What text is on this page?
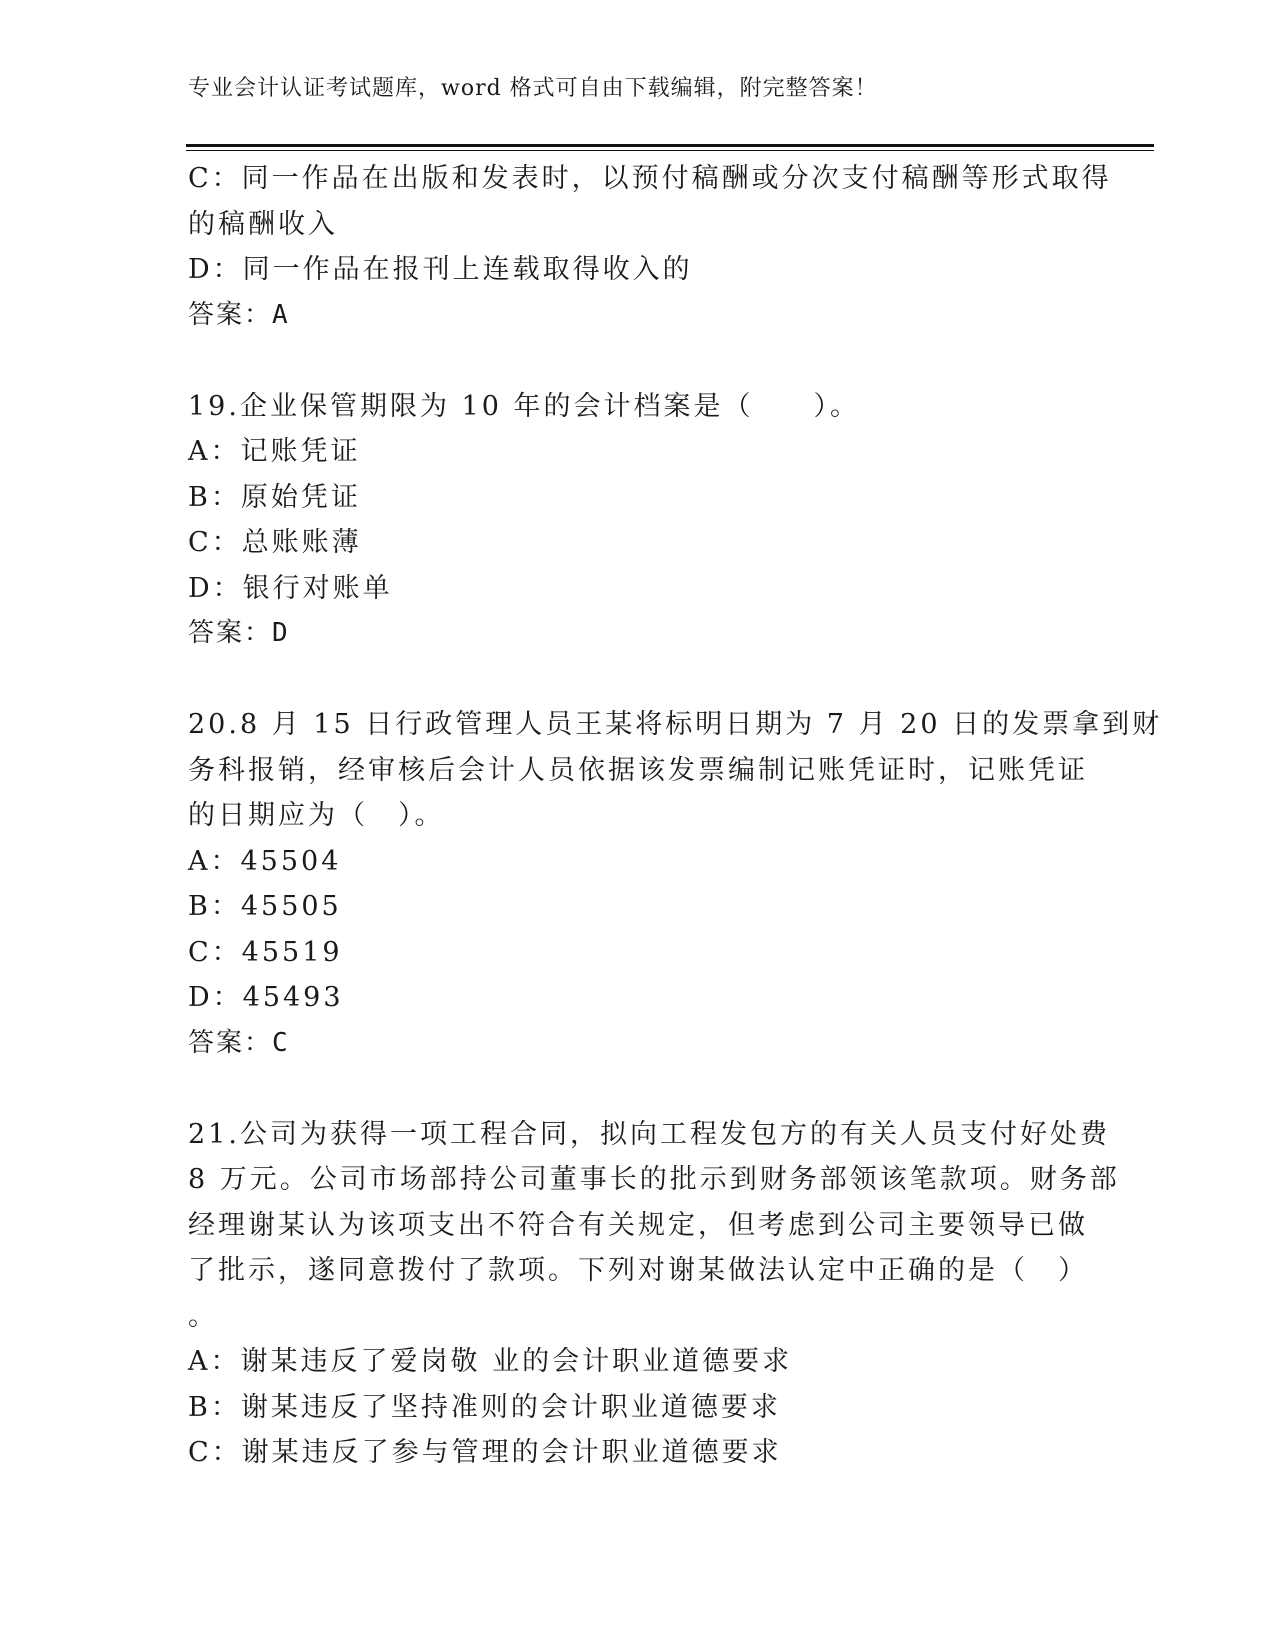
专业会计认证考试题库，word 格式可自由下载编辑，附完整答案！
C：同一作品在出版和发表时，以预付稿酬或分次支付稿酬等形式取得
的稿酬收入
D：同一作品在报刊上连载取得收入的
答案：A
19.企业保管期限为 10 年的会计档案是（　　）。
A：记账凭证
B：原始凭证
C：总账账薄
D：银行对账单
答案：D
20.8 月 15 日行政管理人员王某将标明日期为 7 月 20 日的发票拿到财
务科报销，经审核后会计人员依据该发票编制记账凭证时，记账凭证
的日期应为（　）。
A：45504
B：45505
C：45519
D：45493
答案：C
21.公司为获得一项工程合同，拟向工程发包方的有关人员支付好处费
8 万元。公司市场部持公司董事长的批示到财务部领该笔款项。财务部
经理谢某认为该项支出不符合有关规定，但考虑到公司主要领导已做
了批示，遂同意拨付了款项。下列对谢某做法认定中正确的是（　）
。
A：谢某违反了爱岗敬 业的会计职业道德要求
B：谢某违反了坚持准则的会计职业道德要求
C：谢某违反了参与管理的会计职业道德要求
